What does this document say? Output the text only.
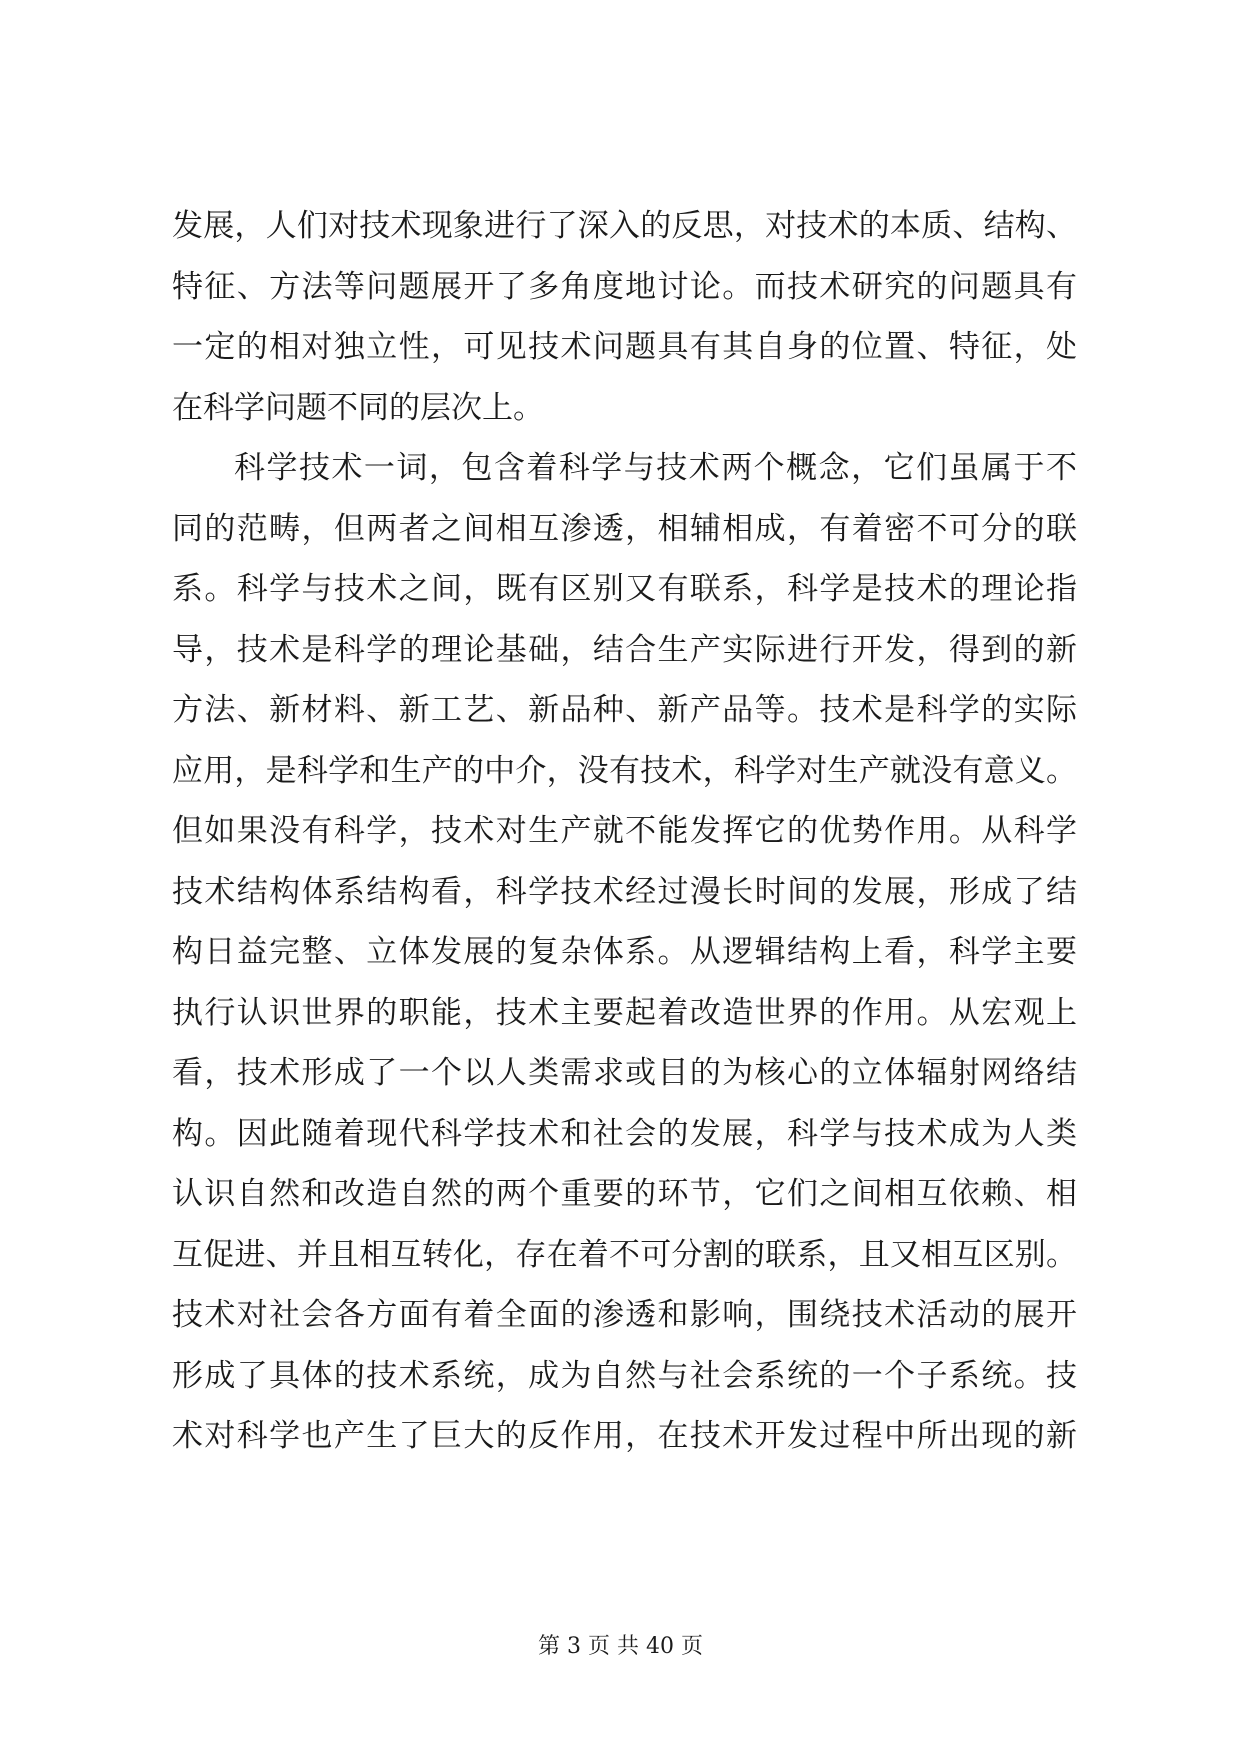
发展，人们对技术现象进行了深入的反思，对技术的本质、结构、
特征、方法等问题展开了多角度地讨论。而技术研究的问题具有
一定的相对独立性，可见技术问题具有其自身的位置、特征，处
在科学问题不同的层次上。
科学技术一词，包含着科学与技术两个概念，它们虽属于不
同的范畴，但两者之间相互渗透，相辅相成，有着密不可分的联
系。科学与技术之间，既有区别又有联系，科学是技术的理论指
导，技术是科学的理论基础，结合生产实际进行开发，得到的新
方法、新材料、新工艺、新品种、新产品等。技术是科学的实际
应用，是科学和生产的中介，没有技术，科学对生产就没有意义。
但如果没有科学，技术对生产就不能发挥它的优势作用。从科学
技术结构体系结构看，科学技术经过漫长时间的发展，形成了结
构日益完整、立体发展的复杂体系。从逻辑结构上看，科学主要
执行认识世界的职能，技术主要起着改造世界的作用。从宏观上
看，技术形成了一个以人类需求或目的为核心的立体辐射网络结
构。因此随着现代科学技术和社会的发展，科学与技术成为人类
认识自然和改造自然的两个重要的环节，它们之间相互依赖、相
互促进、并且相互转化，存在着不可分割的联系，且又相互区别。
技术对社会各方面有着全面的渗透和影响，围绕技术活动的展开
形成了具体的技术系统，成为自然与社会系统的一个子系统。技
术对科学也产生了巨大的反作用，在技术开发过程中所出现的新
第 3 页 共 40 页
